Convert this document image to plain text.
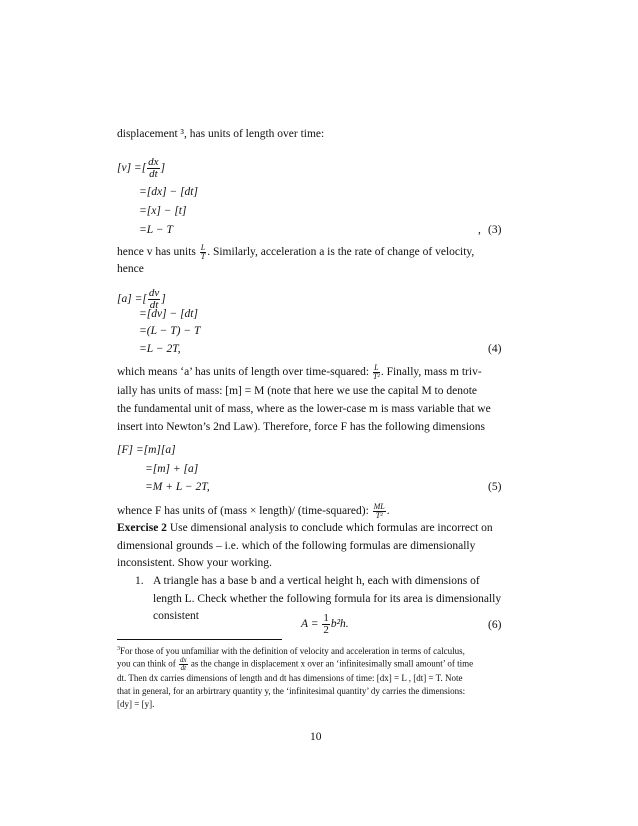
displacement ³, has units of length over time:
[v] =[ $\frac{dx}{dt}$ ]
=[dx] − [dt]
=[x] − [t]
=L − T	, (3)
hence v has units $\frac{L}{T}$ . Similarly, acceleration a is the rate of change of velocity,
hence
[a] =[ $\frac{dv}{dt}$ ]
=[dv] − [dt]
=(L − T) − T
=L − 2T,	(4)
which means ‘a’ has units of length over time-squared: $\frac{L}{\text{T²}}$ . Finally, mass m triv-
ially has units of mass: [m] = M (note that here we use the capital M to denote
the fundamental unit of mass, where as the lower-case m is mass variable that we
insert into Newton’s 2nd Law). Therefore, force F has the following dimensions
[F] =[m][a]
=[m] + [a]
=M + L − 2T,	(5)
whence F has units of (mass × length)/ (time-squared): $\frac{ML}{\text{T²}}$ .
Exercise 2 Use dimensional analysis to conclude which formulas are incorrect on
dimensional grounds – i.e. which of the following formulas are dimensionally
inconsistent. Show your working.
1. A triangle has a base b and a vertical height h, each with dimensions of
length L. Check whether the following formula for its area is dimensionally
consistent
$A = \frac{1}{2} b^2h$.	(6)
$^3$For those of you unfamiliar with the definition of velocity and acceleration in terms of calculus,
you can think of $\frac{dx}{dt}$ as the change in displacement x over an ‘infinitesimally small amount’ of time
dt. Then dx carries dimensions of length and dt has dimensions of time: [dx] = L , [dt] = T. Note
that in general, for an arbirtrary quantity y, the ‘infinitesimal quantity’ dy carries the dimensions:
[dy] = [y].
10
